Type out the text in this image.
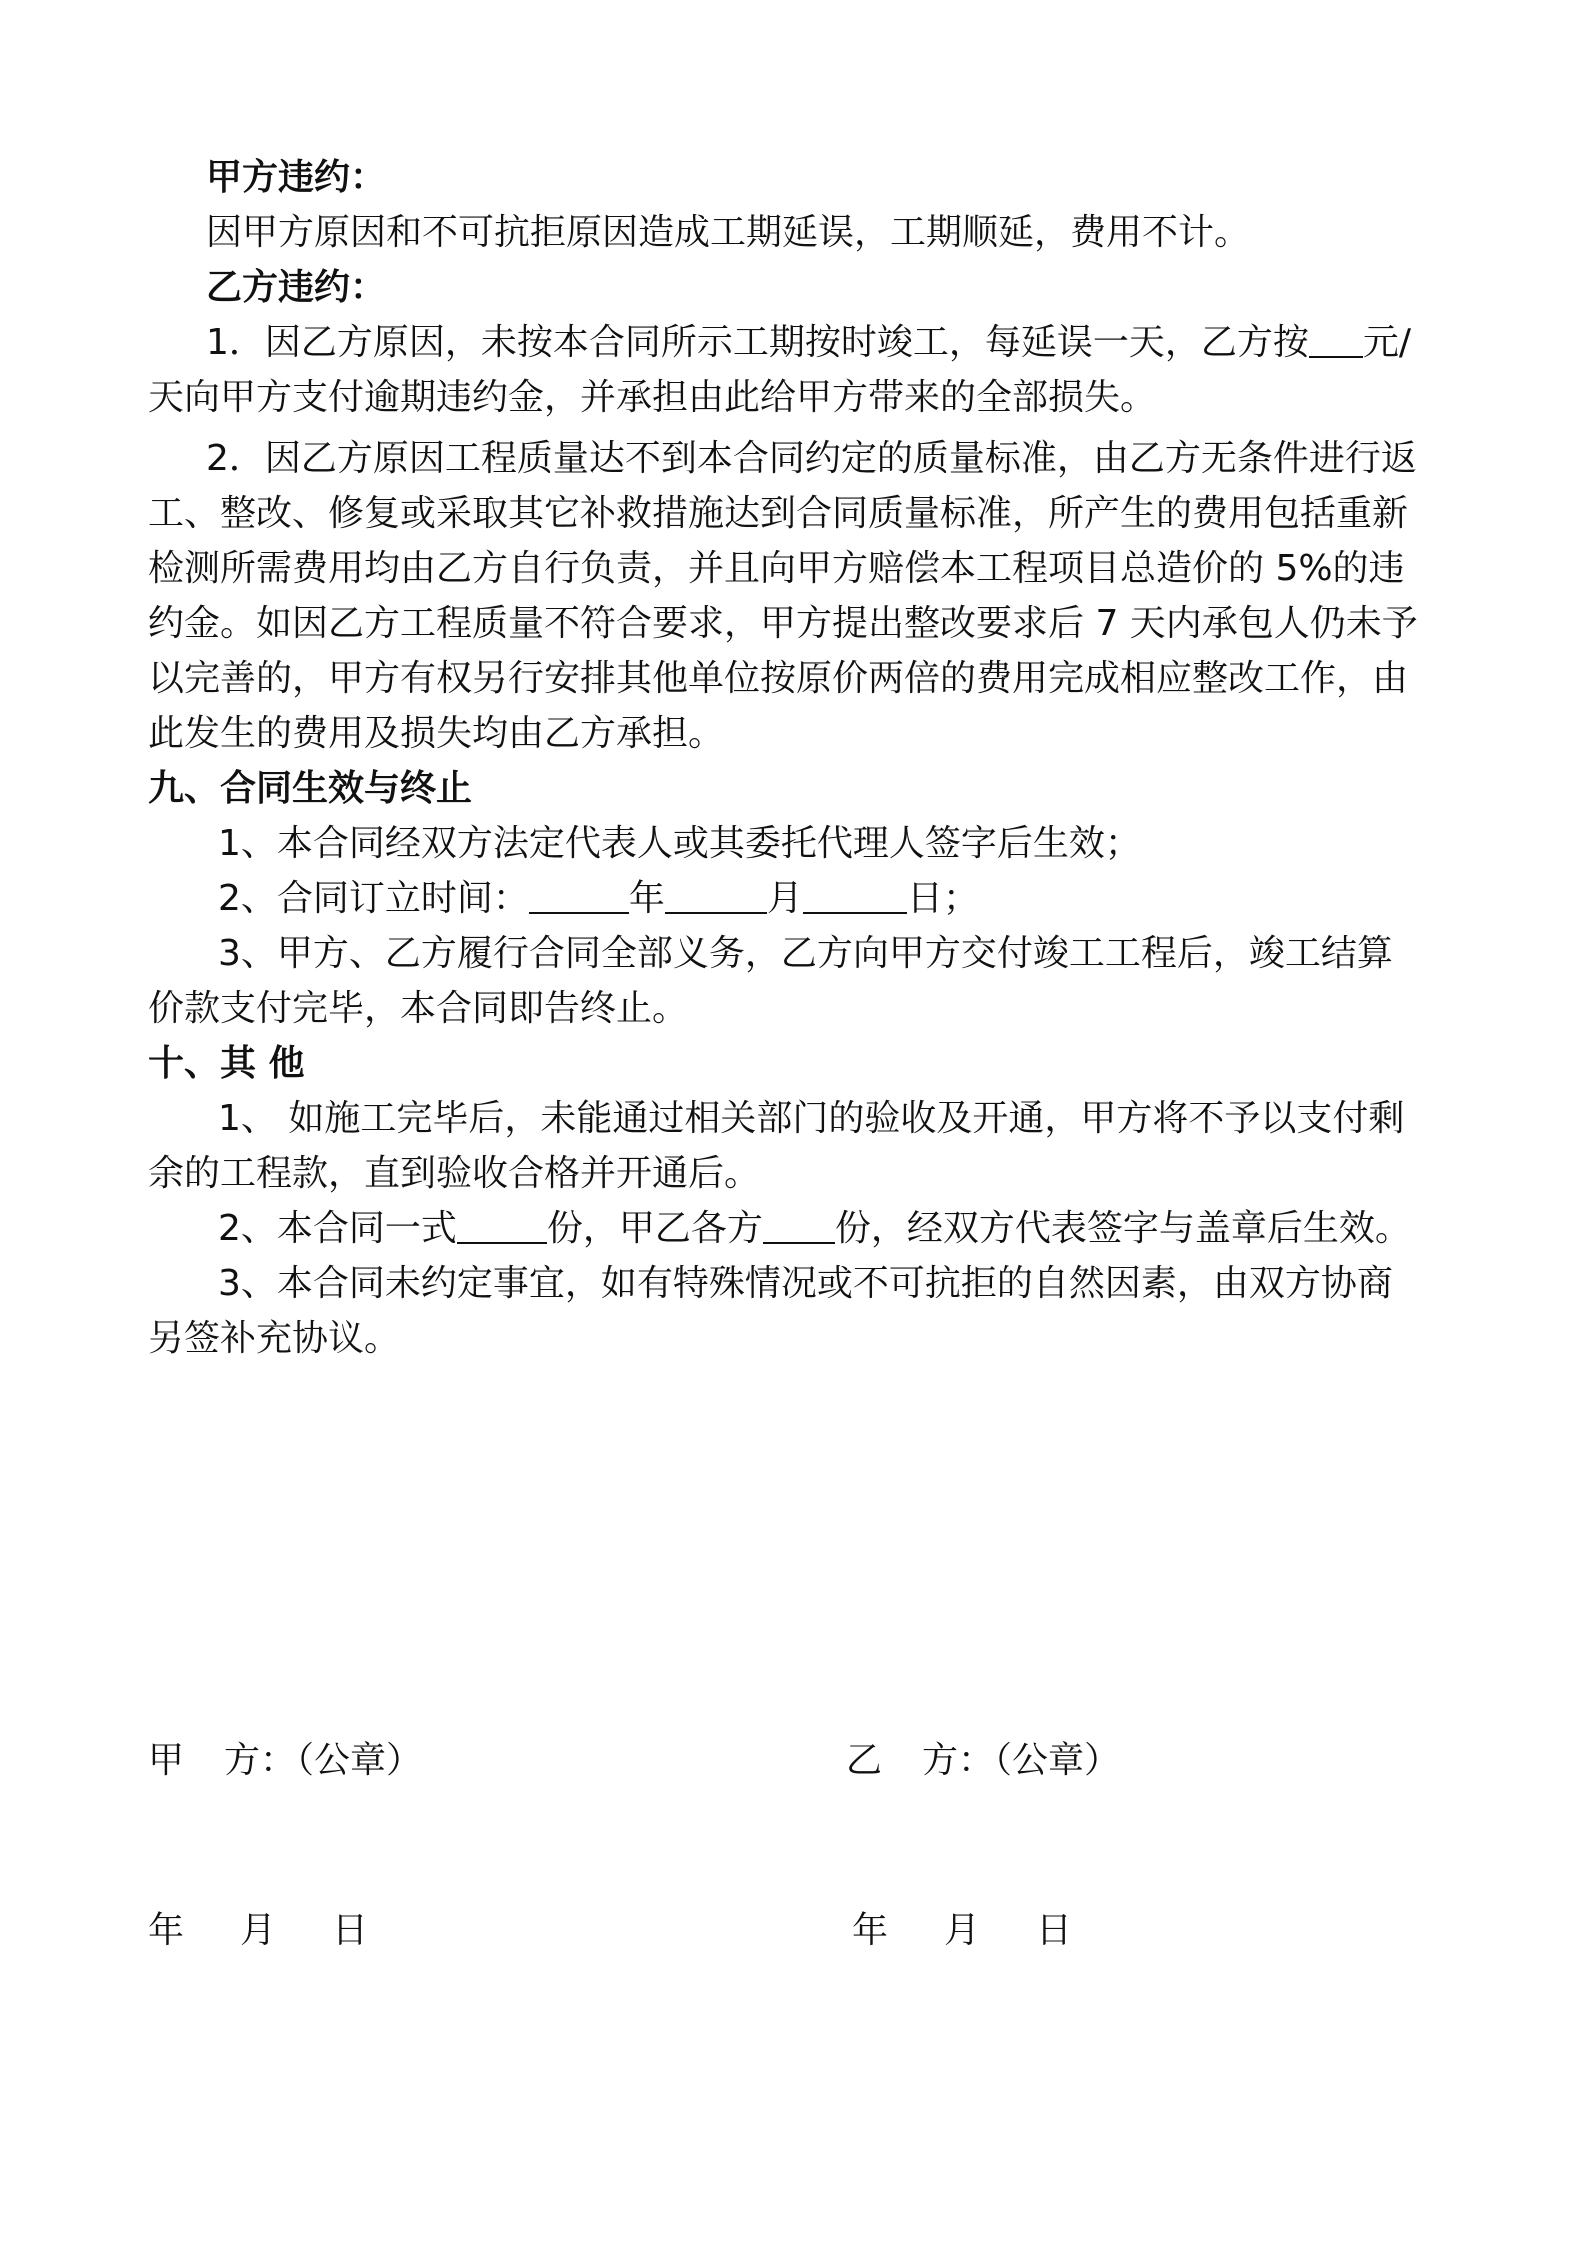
甲方违约：
因甲方原因和不可抗拒原因造成工期延误，工期顺延，费用不计。
乙方违约：
1．因乙方原因，未按本合同所示工期按时竣工，每延误一天，乙方按 元/
天向甲方支付逾期违约金，并承担由此给甲方带来的全部损失。
2．因乙方原因工程质量达不到本合同约定的质量标准，由乙方无条件进行返
工、整改、修复或采取其它补救措施达到合同质量标准，所产生的费用包括重新
检测所需费用均由乙方自行负责，并且向甲方赔偿本工程项目总造价的 5%的违
约金。如因乙方工程质量不符合要求，甲方提出整改要求后 7 天内承包人仍未予
以完善的，甲方有权另行安排其他单位按原价两倍的费用完成相应整改工作，由
此发生的费用及损失均由乙方承担。
九、合同生效与终止
1、本合同经双方法定代表人或其委托代理人签字后生效；
2、合同订立时间：	年	月	日；
3、甲方、乙方履行合同全部义务，乙方向甲方交付竣工工程后，竣工结算
价款支付完毕，本合同即告终止。
十、其 他
1、 如施工完毕后，未能通过相关部门的验收及开通，甲方将不予以支付剩
余的工程款，直到验收合格并开通后。
2、本合同一式	份，甲乙各方 份，经双方代表签字与盖章后生效。
3、本合同未约定事宜，如有特殊情况或不可抗拒的自然因素，由双方协商
另签补充协议。
甲 方：（公章）	乙 方：（公章）
年 月 日	年 月 日
